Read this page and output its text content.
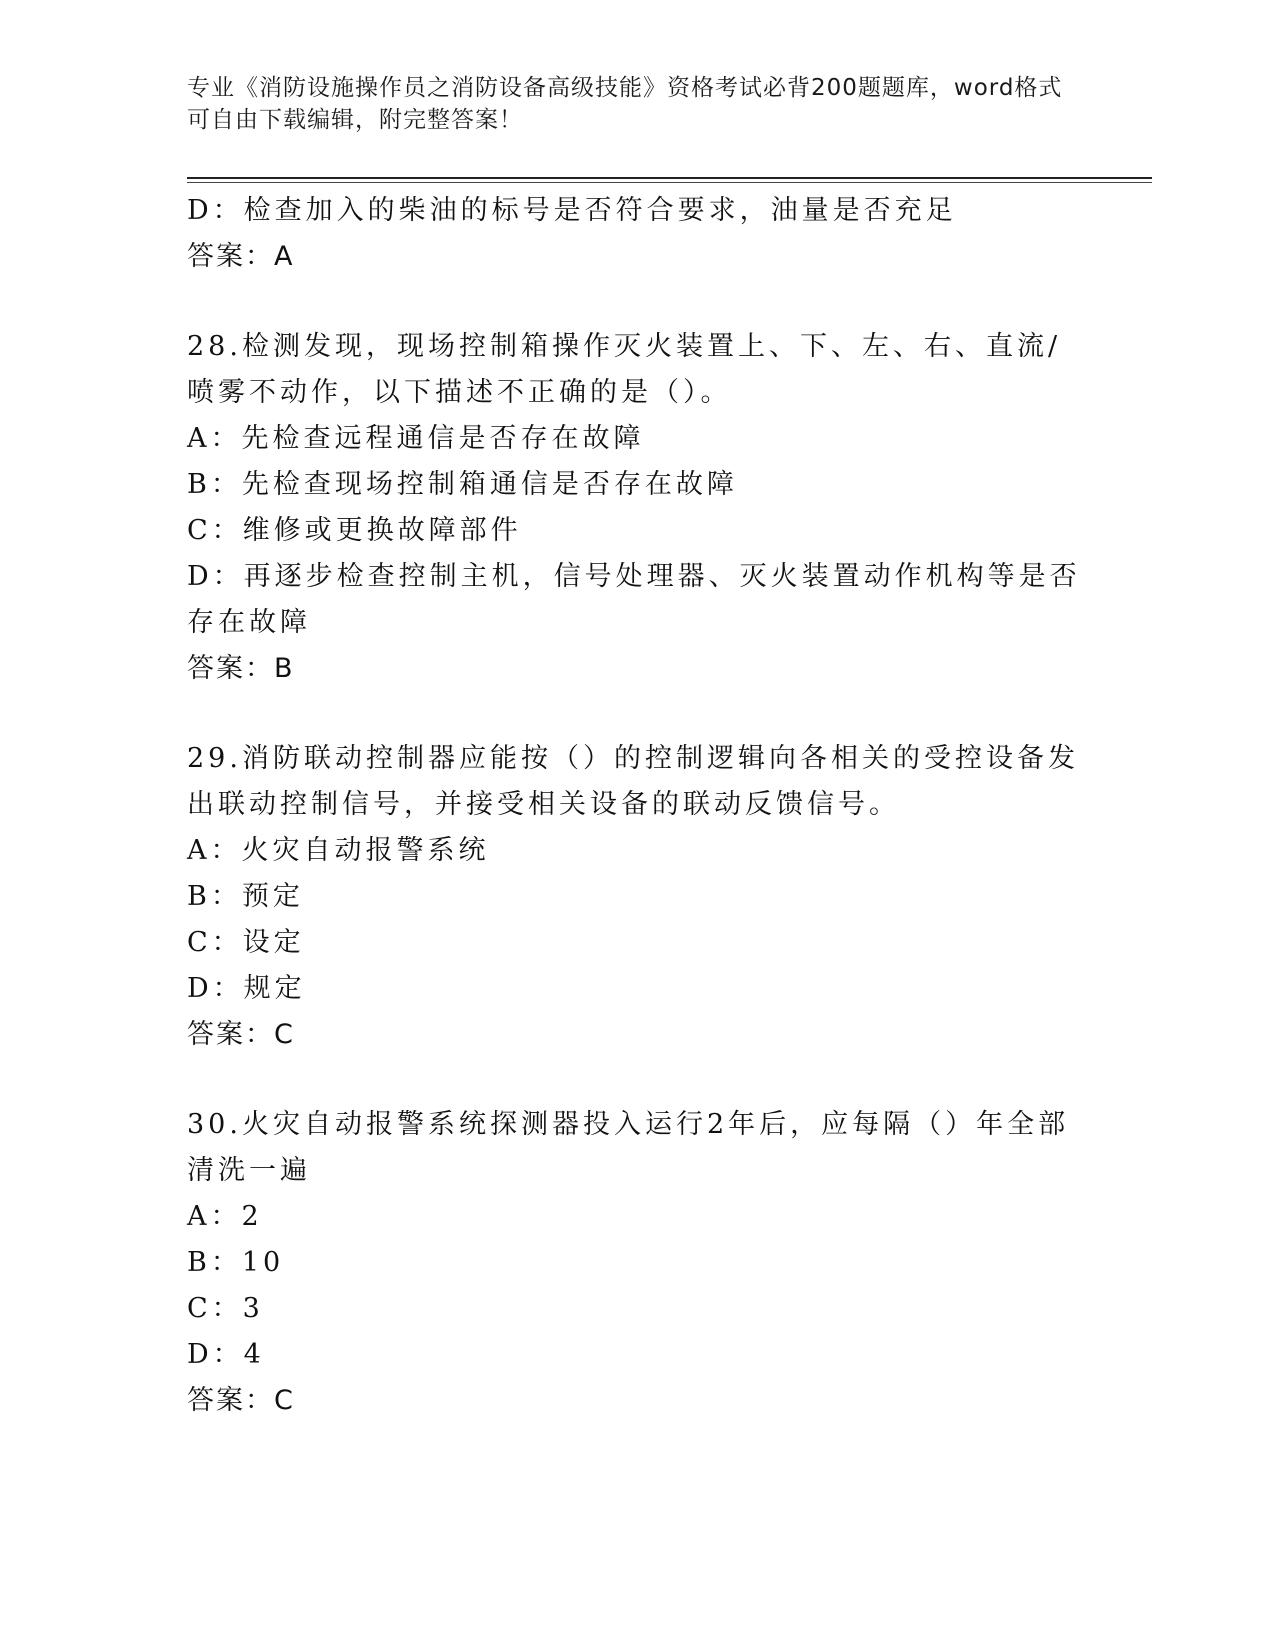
专业《消防设施操作员之消防设备高级技能》资格考试必背200题题库，word格式可自由下载编辑，附完整答案！
D：检查加入的柴油的标号是否符合要求，油量是否充足
答案：A
28.检测发现，现场控制箱操作灭火装置上、下、左、右、直流/喷雾不动作，以下描述不正确的是（）。
A：先检查远程通信是否存在故障
B：先检查现场控制箱通信是否存在故障
C：维修或更换故障部件
D：再逐步检查控制主机，信号处理器、灭火装置动作机构等是否存在故障
答案：B
29.消防联动控制器应能按（）的控制逻辑向各相关的受控设备发出联动控制信号，并接受相关设备的联动反馈信号。
A：火灾自动报警系统
B：预定
C：设定
D：规定
答案：C
30.火灾自动报警系统探测器投入运行2年后，应每隔（）年全部清洗一遍
A：2
B：10
C：3
D：4
答案：C
